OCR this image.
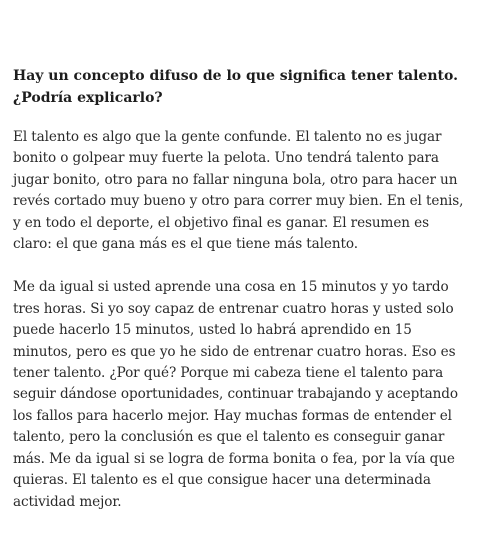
Hay un concepto difuso de lo que significa tener talento. ¿Podría explicarlo?

El talento es algo que la gente confunde. El talento no es jugar bonito o golpear muy fuerte la pelota. Uno tendrá talento para jugar bonito, otro para no fallar ninguna bola, otro para hacer un revés cortado muy bueno y otro para correr muy bien. En el tenis, y en todo el deporte, el objetivo final es ganar. El resumen es claro: el que gana más es el que tiene más talento.

Me da igual si usted aprende una cosa en 15 minutos y yo tardo tres horas. Si yo soy capaz de entrenar cuatro horas y usted solo puede hacerlo 15 minutos, usted lo habrá aprendido en 15 minutos, pero es que yo he sido de entrenar cuatro horas. Eso es tener talento. ¿Por qué? Porque mi cabeza tiene el talento para seguir dándose oportunidades, continuar trabajando y aceptando los fallos para hacerlo mejor. Hay muchas formas de entender el talento, pero la conclusión es que el talento es conseguir ganar más. Me da igual si se logra de forma bonita o fea, por la vía que quieras. El talento es el que consigue hacer una determinada actividad mejor.
